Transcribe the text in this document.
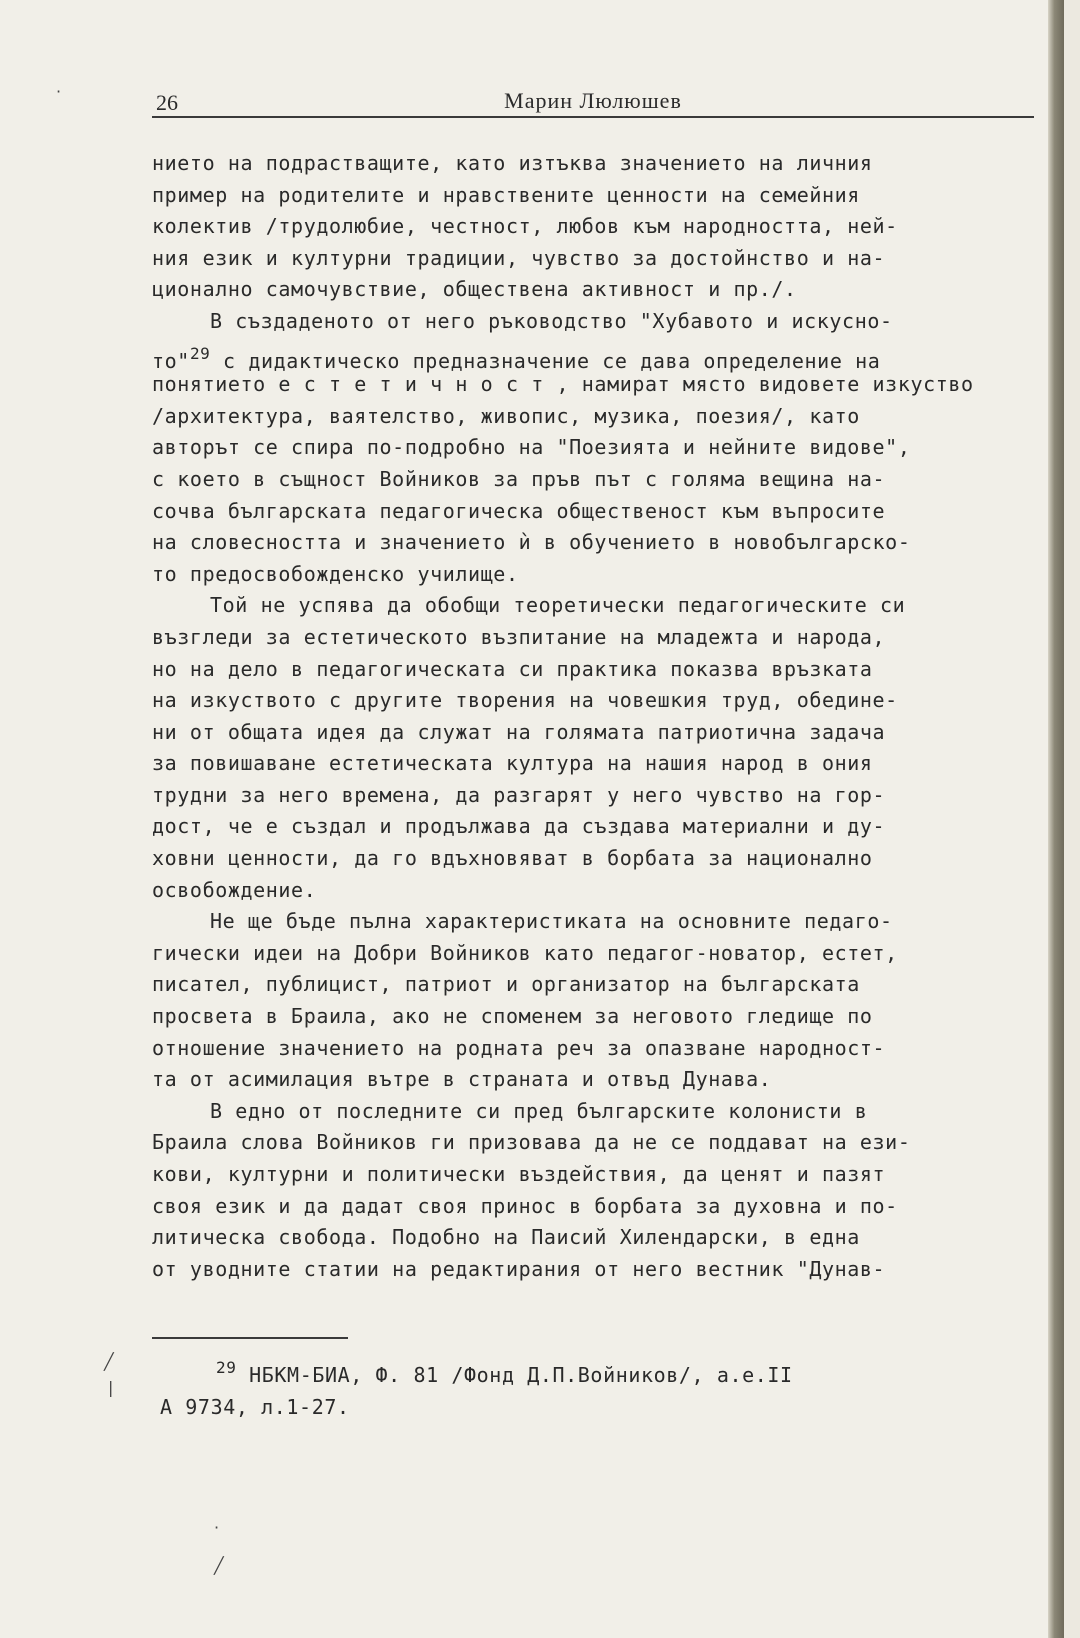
26	Марин Люлюшев
нието на подрастващите, като изтъква значението на личния
пример на родителите и нравствените ценности на семейния
колектив /трудолюбие, честност, любов към народността, ней-
ния език и културни традиции, чувство за достойнство и на-
ционално самочувствие, обществена активност и пр./.
В създаденото от него ръководство "Хубавото и искусно-
то"$^{29}$ с дидактическо предназначение се дава определение на
понятието е с т е т и ч н о с т , намират място видовете изкуство
/архитектура, ваятелство, живопис, музика, поезия/, като
авторът се спира по-подробно на "Поезията и нейните видове",
с което в същност Войников за пръв път с голяма вещина на-
сочва българската педагогическа общественост към въпросите
на словесността и значението ѝ в обучението в новобългарско-
то предосвобожденско училище.
Той не успява да обобщи теоретически педагогическите си
възгледи за естетическото възпитание на младежта и народа,
но на дело в педагогическата си практика показва връзката
на изкуството с другите творения на човешкия труд, обедине-
ни от общата идея да служат на голямата патриотична задача
за повишаване естетическата култура на нашия народ в ония
трудни за него времена, да разгарят у него чувство на гор-
дост, че е създал и продължава да създава материални и ду-
ховни ценности, да го вдъхновяват в борбата за национално
освобождение.
Не ще бъде пълна характеристиката на основните педаго-
гически идеи на Добри Войников като педагог-новатор, естет,
писател, публицист, патриот и организатор на българската
просвета в Браила, ако не споменем за неговото гледище по
отношение значението на родната реч за опазване народност-
та от асимилация вътре в страната и отвъд Дунава.
В едно от последните си пред българските колонисти в
Браила слова Войников ги призовава да не се поддават на ези-
кови, културни и политически въздействия, да ценят и пазят
своя език и да дадат своя принос в борбата за духовна и по-
литическа свобода. Подобно на Паисий Хилендарски, в една
от уводните статии на редактирания от него вестник "Дунав-
$^{29}$ НБКМ-БИА, Ф. 81 /Фонд Д.П.Войников/, а.е.II
А 9734, л.1-27.
·
╱
|
·
╱
